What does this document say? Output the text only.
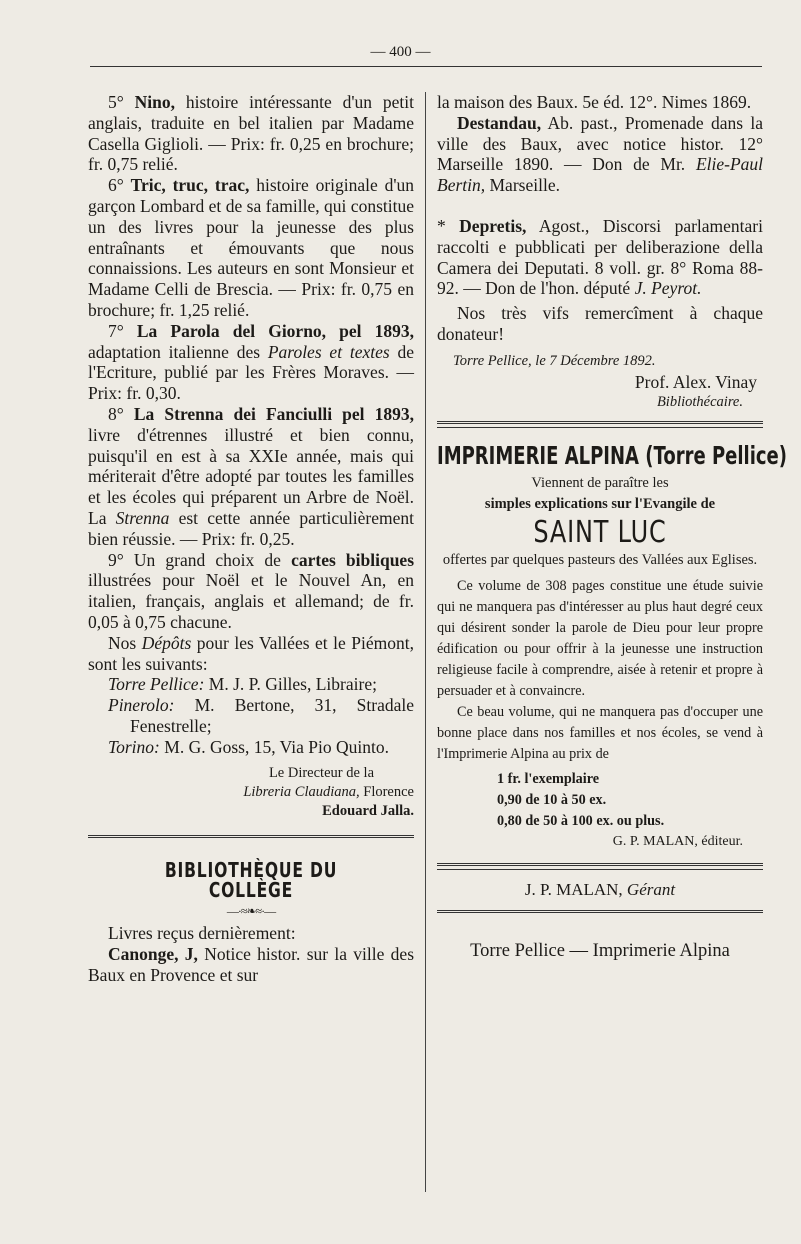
— 400 —

5° Nino, histoire intéressante d'un petit anglais, traduite en bel italien par Madame Casella Giglioli. — Prix: fr. 0,25 en brochure; fr. 0,75 relié.

6° Tric, truc, trac, histoire originale d'un garçon Lombard et de sa famille, qui constitue un des livres pour la jeunesse des plus entraînants et émouvants que nous connaissions. Les auteurs en sont Monsieur et Madame Celli de Brescia. — Prix: fr. 0,75 en brochure; fr. 1,25 relié.

7° La Parola del Giorno, pel 1893, adaptation italienne des Paroles et textes de l'Ecriture, publié par les Frères Moraves. — Prix: fr. 0,30.

8° La Strenna dei Fanciulli pel 1893, livre d'étrennes illustré et bien connu, puisqu'il en est à sa XXIe année, mais qui mériterait d'être adopté par toutes les familles et les écoles qui préparent un Arbre de Noël. La Strenna est cette année particulièrement bien réussie. — Prix: fr. 0,25.

9° Un grand choix de cartes bibliques illustrées pour Noël et le Nouvel An, en italien, français, anglais et allemand; de fr. 0,05 à 0,75 chacune.

Nos Dépôts pour les Vallées et le Piémont, sont les suivants:

Torre Pellice: M. J. P. Gilles, Libraire;

Pinerolo: M. Bertone, 31, Stradale Fenestrelle;

Torino: M. G. Goss, 15, Via Pio Quinto.

Le Directeur de la

Libreria Claudiana, Florence

Edouard Jalla.

BIBLIOTHÈQUE DU COLLÈGE
—·≈❧≈·—

Livres reçus dernièrement:

Canonge, J, Notice histor. sur la ville des Baux en Provence et sur

la maison des Baux. 5e éd. 12°. Nimes 1869.

Destandau, Ab. past., Promenade dans la ville des Baux, avec notice histor. 12° Marseille 1890. — Don de Mr. Elie-Paul Bertin, Marseille.

* Depretis, Agost., Discorsi parlamentari raccolti e pubblicati per deliberazione della Camera dei Deputati. 8 voll. gr. 8° Roma 88-92. — Don de l'hon. député J. Peyrot.

Nos très vifs remercîment à chaque donateur!

Torre Pellice, le 7 Décembre 1892.

Prof. Alex. Vinay

Bibliothécaire.

IMPRIMERIE ALPINA (Torre Pellice)

Viennent de paraître les

simples explications sur l'Evangile de

SAINT LUC

offertes par quelques pasteurs des Vallées aux Eglises.

Ce volume de 308 pages constitue une étude suivie qui ne manquera pas d'intéresser au plus haut degré ceux qui désirent sonder la parole de Dieu pour leur propre édification ou pour offrir à la jeunesse une instruction religieuse facile à comprendre, aisée à retenir et propre à persuader et à convaincre.

Ce beau volume, qui ne manquera pas d'occuper une bonne place dans nos familles et nos écoles, se vend à l'Imprimerie Alpina au prix de

1 fr. l'exemplaire
0,90 de 10 à 50 ex.
0,80 de 50 à 100 ex. ou plus.

G. P. MALAN, éditeur.

J. P. MALAN, Gérant

Torre Pellice — Imprimerie Alpina
